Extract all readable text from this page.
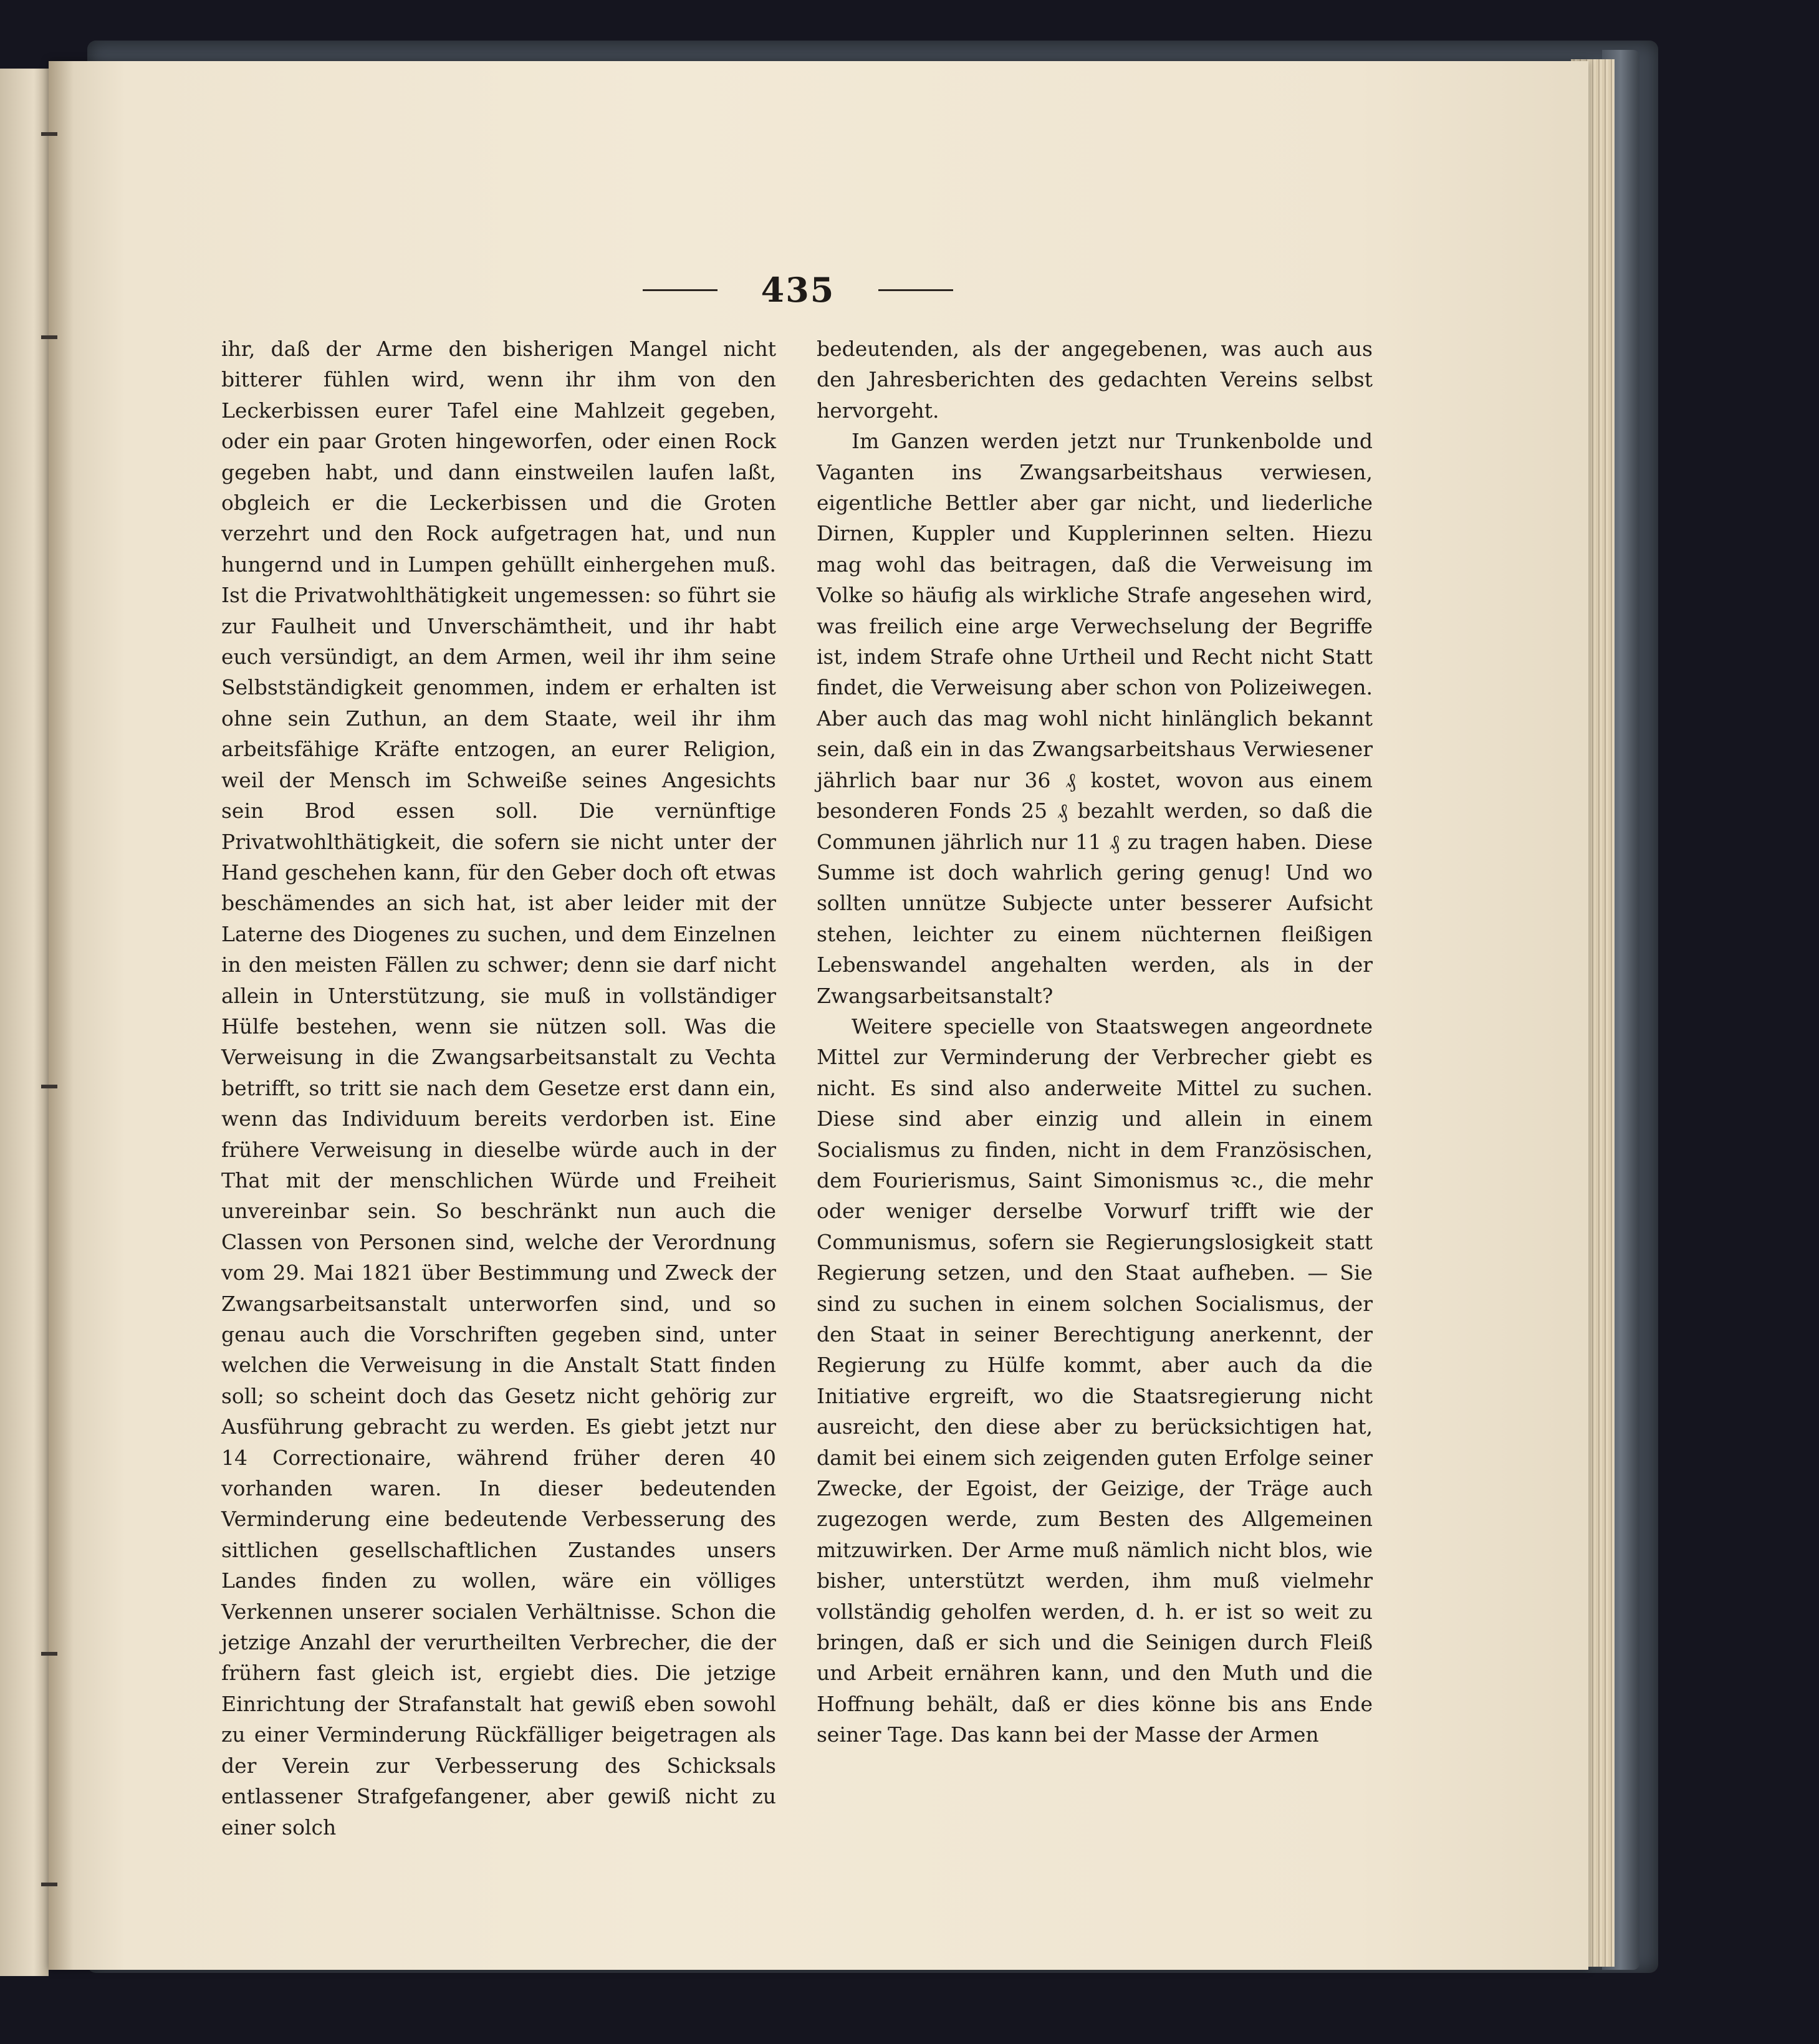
435

ihr, daß der Arme den bisherigen Mangel nicht bitterer fühlen wird, wenn ihr ihm von den Leckerbissen eurer Tafel eine Mahlzeit gegeben, oder ein paar Groten hingeworfen, oder einen Rock gegeben habt, und dann einstweilen laufen laßt, obgleich er die Leckerbissen und die Groten verzehrt und den Rock aufgetragen hat, und nun hungernd und in Lumpen gehüllt einhergehen muß. Ist die Privatwohlthätigkeit ungemessen: so führt sie zur Faulheit und Unverschämtheit, und ihr habt euch versündigt, an dem Armen, weil ihr ihm seine Selbstständigkeit genommen, indem er erhalten ist ohne sein Zuthun, an dem Staate, weil ihr ihm arbeitsfähige Kräfte entzogen, an eurer Religion, weil der Mensch im Schweiße seines Angesichts sein Brod essen soll. Die vernünftige Privatwohlthätigkeit, die sofern sie nicht unter der Hand geschehen kann, für den Geber doch oft etwas beschämendes an sich hat, ist aber leider mit der Laterne des Diogenes zu suchen, und dem Einzelnen in den meisten Fällen zu schwer; denn sie darf nicht allein in Unterstützung, sie muß in vollständiger Hülfe bestehen, wenn sie nützen soll. Was die Verweisung in die Zwangsarbeitsanstalt zu Vechta betrifft, so tritt sie nach dem Gesetze erst dann ein, wenn das Individuum bereits verdorben ist. Eine frühere Verweisung in dieselbe würde auch in der That mit der menschlichen Würde und Freiheit unvereinbar sein. So beschränkt nun auch die Classen von Personen sind, welche der Verordnung vom 29. Mai 1821 über Bestimmung und Zweck der Zwangsarbeitsanstalt unterworfen sind, und so genau auch die Vorschriften gegeben sind, unter welchen die Verweisung in die Anstalt Statt finden soll; so scheint doch das Gesetz nicht gehörig zur Ausführung gebracht zu werden. Es giebt jetzt nur 14 Correctionaire, während früher deren 40 vorhanden waren. In dieser bedeutenden Verminderung eine bedeutende Verbesserung des sittlichen gesellschaftlichen Zustandes unsers Landes finden zu wollen, wäre ein völliges Verkennen unserer socialen Verhältnisse. Schon die jetzige Anzahl der verurtheilten Verbrecher, die der frühern fast gleich ist, ergiebt dies. Die jetzige Einrichtung der Strafanstalt hat gewiß eben sowohl zu einer Verminderung Rückfälliger beigetragen als der Verein zur Verbesserung des Schicksals entlassener Strafgefangener, aber gewiß nicht zu einer solch

bedeutenden, als der angegebenen, was auch aus den Jahresberichten des gedachten Vereins selbst hervorgeht.

Im Ganzen werden jetzt nur Trunkenbolde und Vaganten ins Zwangsarbeitshaus verwiesen, eigentliche Bettler aber gar nicht, und liederliche Dirnen, Kuppler und Kupplerinnen selten. Hiezu mag wohl das beitragen, daß die Verweisung im Volke so häufig als wirkliche Strafe angesehen wird, was freilich eine arge Verwechselung der Begriffe ist, indem Strafe ohne Urtheil und Recht nicht Statt findet, die Verweisung aber schon von Polizeiwegen. Aber auch das mag wohl nicht hinlänglich bekannt sein, daß ein in das Zwangsarbeitshaus Verwiesener jährlich baar nur 36 ₰ kostet, wovon aus einem besonderen Fonds 25 ₰ bezahlt werden, so daß die Communen jährlich nur 11 ₰ zu tragen haben. Diese Summe ist doch wahrlich gering genug! Und wo sollten unnütze Subjecte unter besserer Aufsicht stehen, leichter zu einem nüchternen fleißigen Lebenswandel angehalten werden, als in der Zwangsarbeitsanstalt?

Weitere specielle von Staatswegen angeordnete Mittel zur Verminderung der Verbrecher giebt es nicht. Es sind also anderweite Mittel zu suchen. Diese sind aber einzig und allein in einem Socialismus zu finden, nicht in dem Französischen, dem Fourierismus, Saint Simonismus ꝛc., die mehr oder weniger derselbe Vorwurf trifft wie der Communismus, sofern sie Regierungslosigkeit statt Regierung setzen, und den Staat aufheben. — Sie sind zu suchen in einem solchen Socialismus, der den Staat in seiner Berechtigung anerkennt, der Regierung zu Hülfe kommt, aber auch da die Initiative ergreift, wo die Staatsregierung nicht ausreicht, den diese aber zu berücksichtigen hat, damit bei einem sich zeigenden guten Erfolge seiner Zwecke, der Egoist, der Geizige, der Träge auch zugezogen werde, zum Besten des Allgemeinen mitzuwirken. Der Arme muß nämlich nicht blos, wie bisher, unterstützt werden, ihm muß vielmehr vollständig geholfen werden, d. h. er ist so weit zu bringen, daß er sich und die Seinigen durch Fleiß und Arbeit ernähren kann, und den Muth und die Hoffnung behält, daß er dies könne bis ans Ende seiner Tage. Das kann bei der Masse der Armen
